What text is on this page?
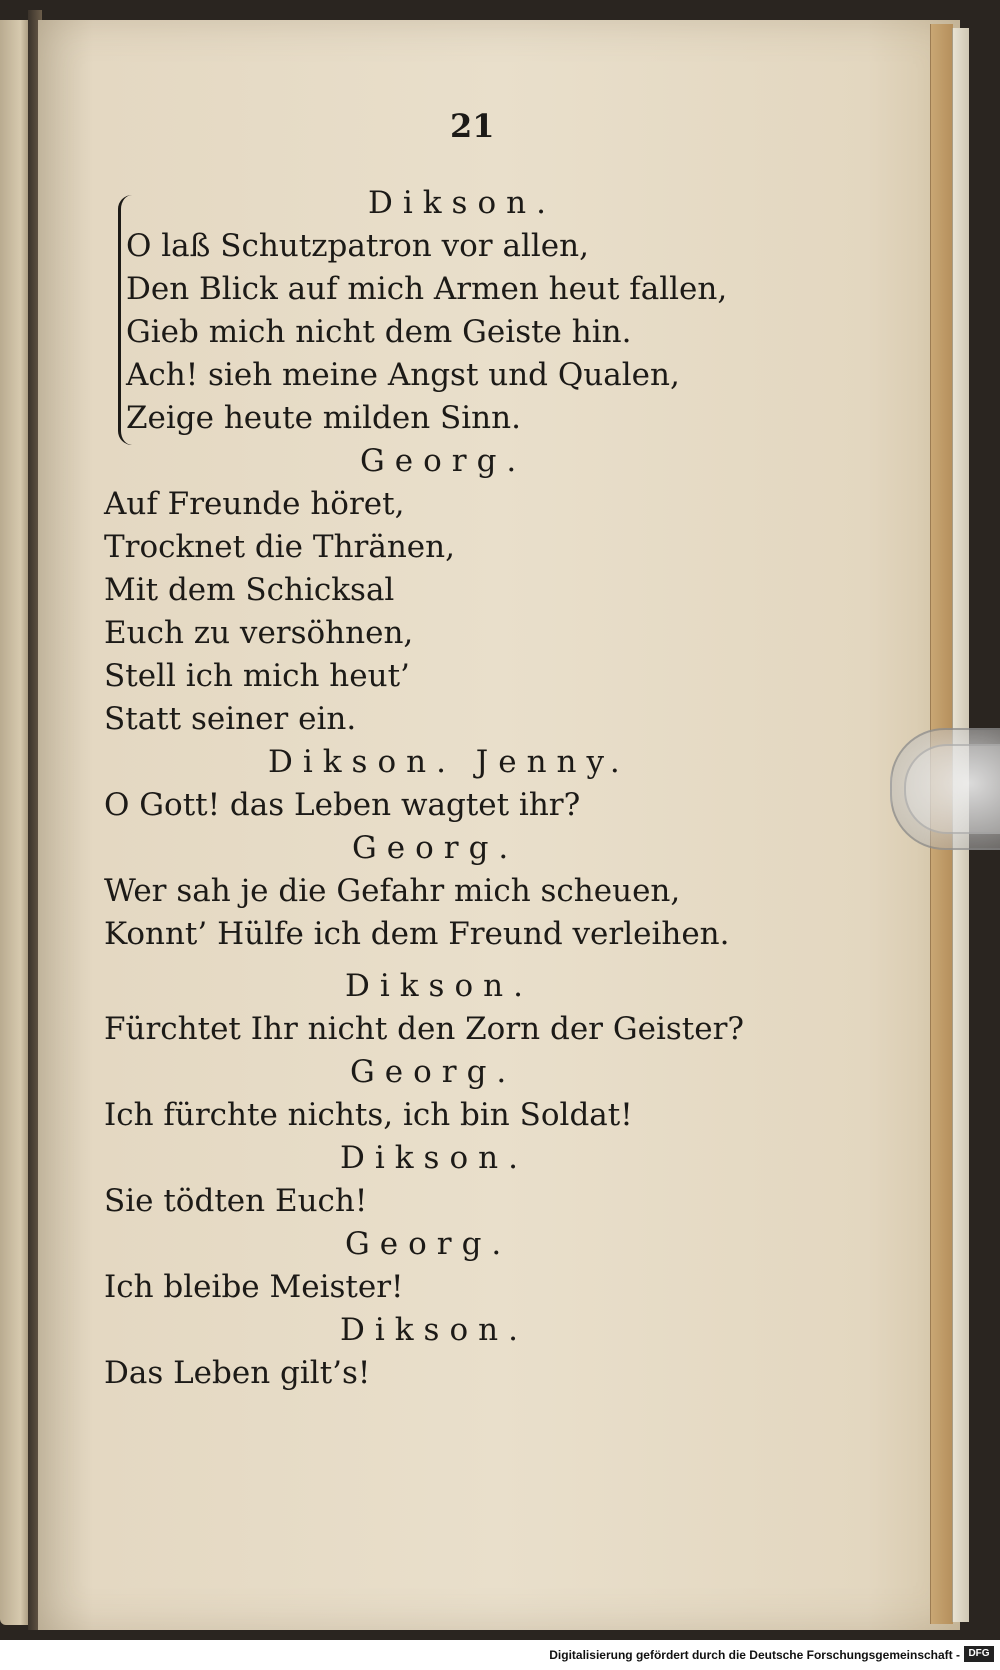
21
Dikson.
O laß Schutzpatron vor allen,
Den Blick auf mich Armen heut fallen,
Gieb mich nicht dem Geiste hin.
Ach! sieh meine Angst und Qualen,
Zeige heute milden Sinn.
Georg.
Auf Freunde höret,
Trocknet die Thränen,
Mit dem Schicksal
Euch zu versöhnen,
Stell ich mich heut’
Statt seiner ein.
Dikson. Jenny.
O Gott! das Leben wagtet ihr?
Georg.
Wer sah je die Gefahr mich scheuen,
Konnt’ Hülfe ich dem Freund verleihen.
Dikson.
Fürchtet Ihr nicht den Zorn der Geister?
Georg.
Ich fürchte nichts, ich bin Soldat!
Dikson.
Sie tödten Euch!
Georg.
Ich bleibe Meister!
Dikson.
Das Leben gilt’s!
Digitalisierung gefördert durch die Deutsche Forschungsgemeinschaft - DFG
